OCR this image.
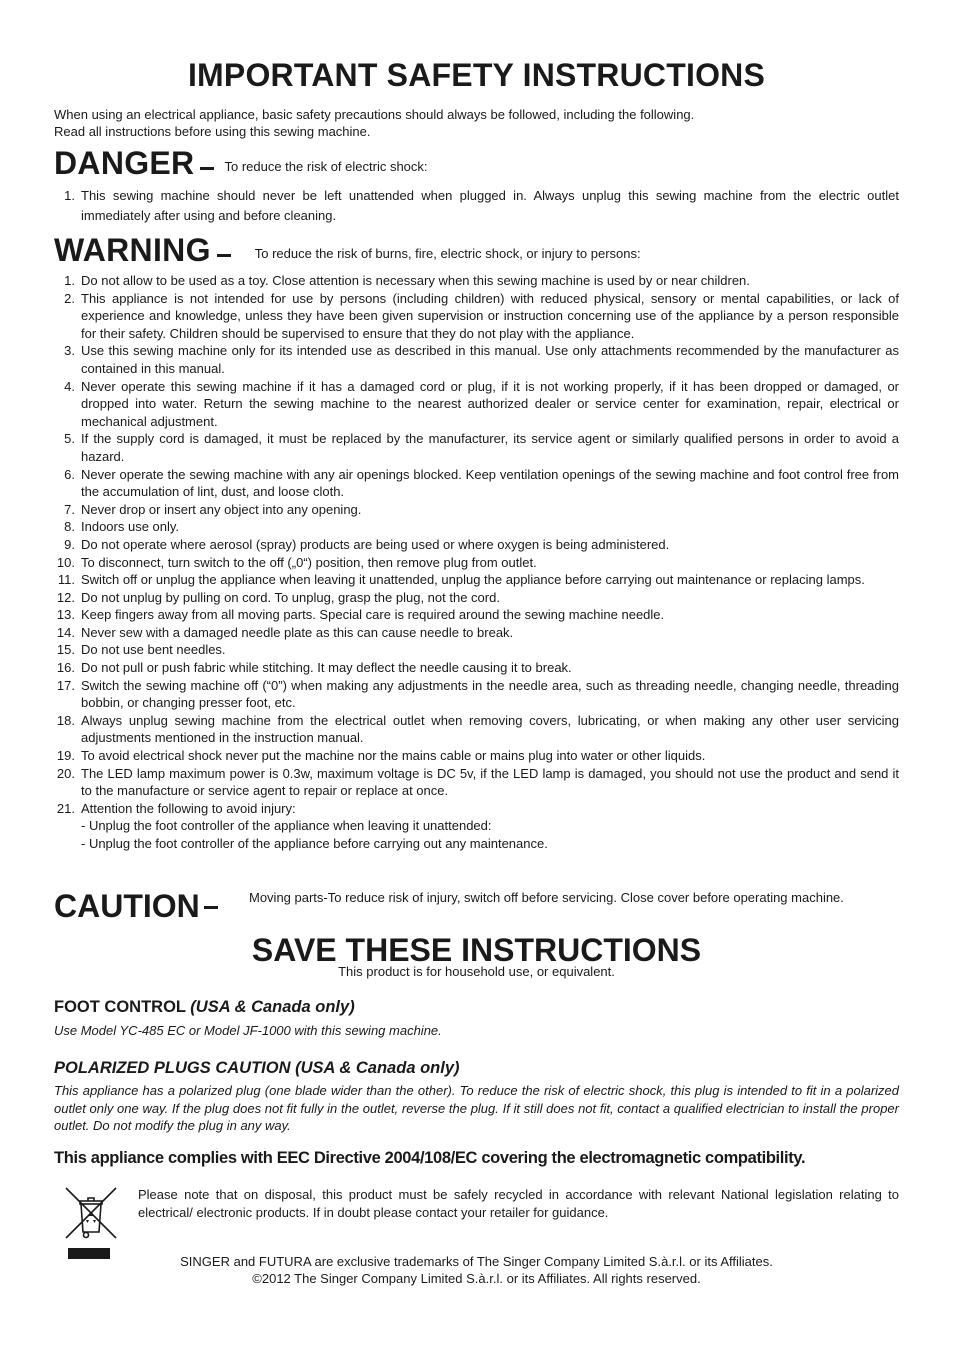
IMPORTANT SAFETY INSTRUCTIONS
When using an electrical appliance, basic safety precautions should always be followed, including the following.
Read all instructions before using this sewing machine.
DANGER To reduce the risk of electric shock:
1. This sewing machine should never be left unattended when plugged in. Always unplug this sewing machine from the electric outlet immediately after using and before cleaning.
WARNING	To reduce the risk of burns, fire, electric shock, or injury to persons:
1. Do not allow to be used as a toy. Close attention is necessary when this sewing machine is used by or near children.
2. This appliance is not intended for use by persons (including children) with reduced physical, sensory or mental capabilities, or lack of experience and knowledge, unless they have been given supervision or instruction concerning use of the appliance by a person responsible for their safety. Children should be supervised to ensure that they do not play with the appliance.
3. Use this sewing machine only for its intended use as described in this manual. Use only attachments recommended by the manufacturer as contained in this manual.
4. Never operate this sewing machine if it has a damaged cord or plug, if it is not working properly, if it has been dropped or damaged, or dropped into water. Return the sewing machine to the nearest authorized dealer or service center for examination, repair, electrical or mechanical adjustment.
5. If the supply cord is damaged, it must be replaced by the manufacturer, its service agent or similarly qualified persons in order to avoid a hazard.
6. Never operate the sewing machine with any air openings blocked. Keep ventilation openings of the sewing machine and foot control free from the accumulation of lint, dust, and loose cloth.
7. Never drop or insert any object into any opening.
8. Indoors use only.
9. Do not operate where aerosol (spray) products are being used or where oxygen is being administered.
10. To disconnect, turn switch to the off („0“) position, then remove plug from outlet.
11. Switch off or unplug the appliance when leaving it unattended, unplug the appliance before carrying out maintenance or replacing lamps.
12. Do not unplug by pulling on cord. To unplug, grasp the plug, not the cord.
13. Keep fingers away from all moving parts. Special care is required around the sewing machine needle.
14. Never sew with a damaged needle plate as this can cause needle to break.
15. Do not use bent needles.
16. Do not pull or push fabric while stitching. It may deflect the needle causing it to break.
17. Switch the sewing machine off (“0”) when making any adjustments in the needle area, such as threading needle, changing needle, threading bobbin, or changing presser foot, etc.
18. Always unplug sewing machine from the electrical outlet when removing covers, lubricating, or when making any other user servicing adjustments mentioned in the instruction manual.
19. To avoid electrical shock never put the machine nor the mains cable or mains plug into water or other liquids.
20. The LED lamp maximum power is 0.3w, maximum voltage is DC 5v, if the LED lamp is damaged, you should not use the product and send it to the manufacture or service agent to repair or replace at once.
21. Attention the following to avoid injury:
- Unplug the foot controller of the appliance when leaving it unattended:
- Unplug the foot controller of the appliance before carrying out any maintenance.
CAUTION	Moving parts-To reduce risk of injury, switch off before servicing. Close cover before operating machine.
SAVE THESE INSTRUCTIONS
This product is for household use, or equivalent.
FOOT CONTROL (USA & Canada only)
Use Model YC-485 EC or Model JF-1000 with this sewing machine.
POLARIZED PLUGS CAUTION (USA & Canada only)
This appliance has a polarized plug (one blade wider than the other). To reduce the risk of electric shock, this plug is intended to fit in a polarized outlet only one way. If the plug does not fit fully in the outlet, reverse the plug. If it still does not fit, contact a qualified electrician to install the proper outlet. Do not modify the plug in any way.
This appliance complies with EEC Directive 2004/108/EC covering the electromagnetic compatibility.
Please note that on disposal, this product must be safely recycled in accordance with relevant National legislation relating to electrical/ electronic products. If in doubt please contact your retailer for guidance.
SINGER and FUTURA are exclusive trademarks of The Singer Company Limited S.à.r.l. or its Affiliates.
©2012 The Singer Company Limited S.à.r.l. or its Affiliates. All rights reserved.
